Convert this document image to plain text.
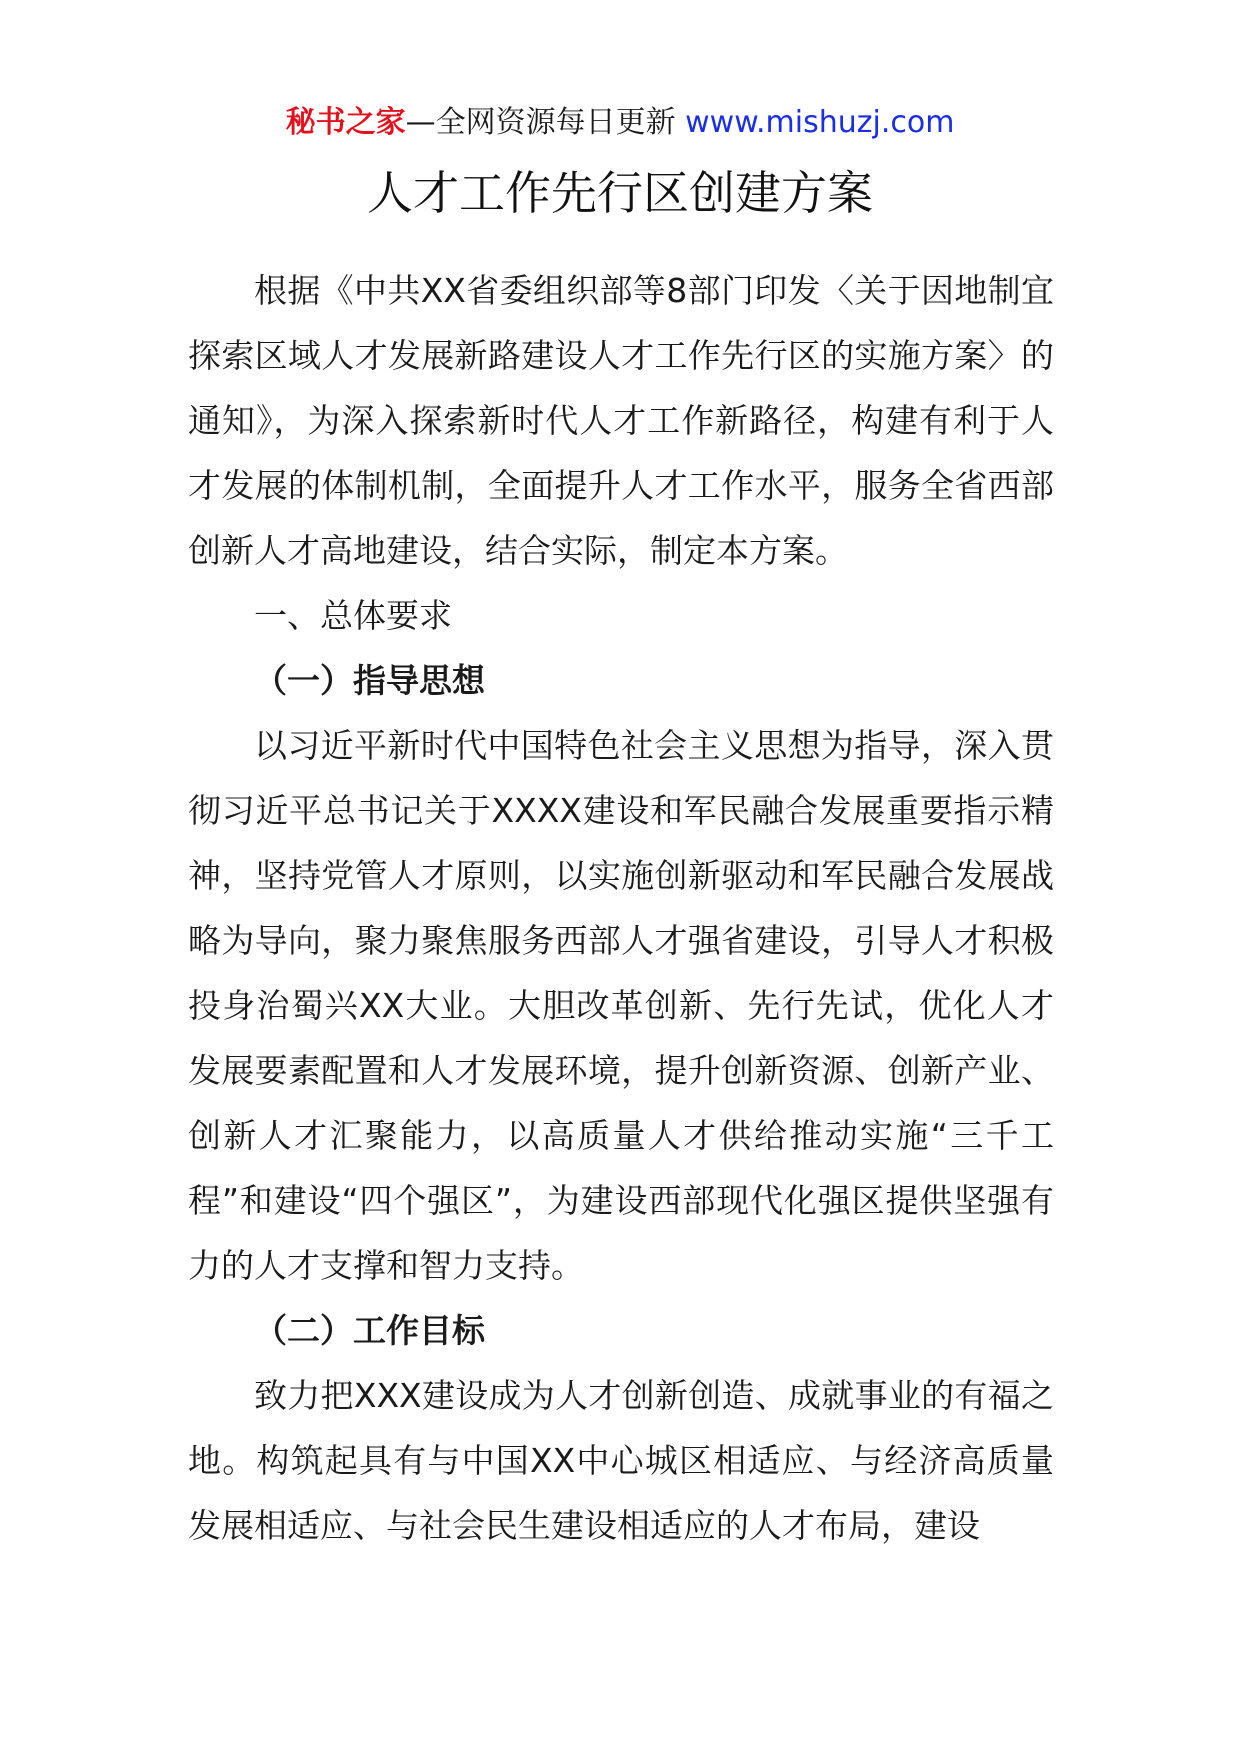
秘书之家—全网资源每日更新 www.mishuzj.com
人才工作先行区创建方案

根据《中共XX省委组织部等8部门印发〈关于因地制宜探索区域人才发展新路建设人才工作先行区的实施方案〉的通知》，为深入探索新时代人才工作新路径，构建有利于人才发展的体制机制，全面提升人才工作水平，服务全省西部创新人才高地建设，结合实际，制定本方案。

一、总体要求

（一）指导思想

以习近平新时代中国特色社会主义思想为指导，深入贯彻习近平总书记关于XXXX建设和军民融合发展重要指示精神，坚持党管人才原则，以实施创新驱动和军民融合发展战略为导向，聚力聚焦服务西部人才强省建设，引导人才积极投身治蜀兴XX大业。大胆改革创新、先行先试，优化人才发展要素配置和人才发展环境，提升创新资源、创新产业、创新人才汇聚能力，以高质量人才供给推动实施“三千工程”和建设“四个强区”，为建设西部现代化强区提供坚强有力的人才支撑和智力支持。

（二）工作目标

致力把XXX建设成为人才创新创造、成就事业的有福之地。构筑起具有与中国XX中心城区相适应、与经济高质量发展相适应、与社会民生建设相适应的人才布局，建设
